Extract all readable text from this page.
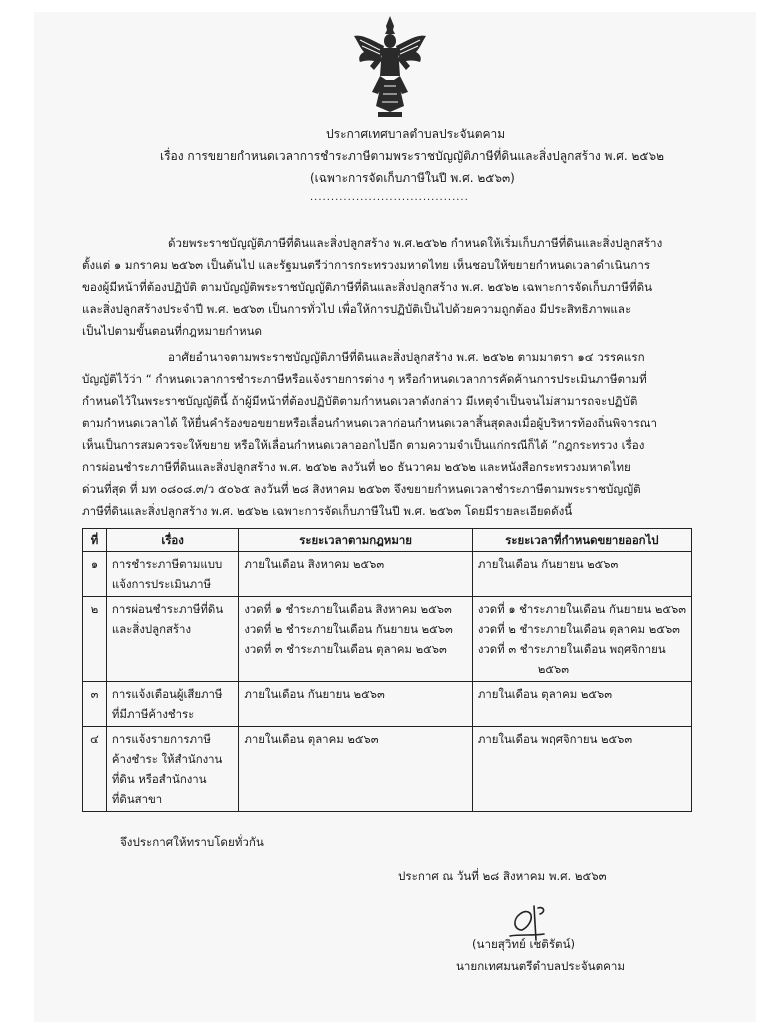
ประกาศเทศบาลตำบลประจันตคาม
เรื่อง การขยายกำหนดเวลาการชำระภาษีตามพระราชบัญญัติภาษีที่ดินและสิ่งปลูกสร้าง พ.ศ. ๒๕๖๒
(เฉพาะการจัดเก็บภาษีในปี พ.ศ. ๒๕๖๓)
......................................
ด้วยพระราชบัญญัติภาษีที่ดินและสิ่งปลูกสร้าง พ.ศ.๒๕๖๒ กำหนดให้เริ่มเก็บภาษีที่ดินและสิ่งปลูกสร้าง
ตั้งแต่ ๑ มกราคม ๒๕๖๓ เป็นต้นไป และรัฐมนตรีว่าการกระทรวงมหาดไทย เห็นชอบให้ขยายกำหนดเวลาดำเนินการ
ของผู้มีหน้าที่ต้องปฏิบัติ ตามบัญญัติพระราชบัญญัติภาษีที่ดินและสิ่งปลูกสร้าง พ.ศ. ๒๕๖๒ เฉพาะการจัดเก็บภาษีที่ดิน
และสิ่งปลูกสร้างประจำปี พ.ศ. ๒๕๖๓ เป็นการทั่วไป เพื่อให้การปฏิบัติเป็นไปด้วยความถูกต้อง มีประสิทธิภาพและ
เป็นไปตามขั้นตอนที่กฎหมายกำหนด
อาศัยอำนาจตามพระราชบัญญัติภาษีที่ดินและสิ่งปลูกสร้าง พ.ศ. ๒๕๖๒ ตามมาตรา ๑๔ วรรคแรก
บัญญัติไว้ว่า “ กำหนดเวลาการชำระภาษีหรือแจ้งรายการต่าง ๆ หรือกำหนดเวลาการคัดค้านการประเมินภาษีตามที่
กำหนดไว้ในพระราชบัญญัตินี้ ถ้าผู้มีหน้าที่ต้องปฏิบัติตามกำหนดเวลาดังกล่าว มีเหตุจำเป็นจนไม่สามารถจะปฏิบัติ
ตามกำหนดเวลาได้ ให้ยื่นคำร้องขอขยายหรือเลื่อนกำหนดเวลาก่อนกำหนดเวลาสิ้นสุดลงเมื่อผู้บริหารท้องถิ่นพิจารณา
เห็นเป็นการสมควรจะให้ขยาย หรือให้เลื่อนกำหนดเวลาออกไปอีก ตามความจำเป็นแก่กรณีก็ได้ ”กฎกระทรวง เรื่อง
การผ่อนชำระภาษีที่ดินและสิ่งปลูกสร้าง พ.ศ. ๒๕๖๒ ลงวันที่ ๒๐ ธันวาคม ๒๕๖๒ และหนังสือกระทรวงมหาดไทย
ด่วนที่สุด ที่ มท ๐๘๐๘.๓/ว ๕๐๖๕ ลงวันที่ ๒๘ สิงหาคม ๒๕๖๓ จึงขยายกำหนดเวลาชำระภาษีตามพระราชบัญญัติ
ภาษีที่ดินและสิ่งปลูกสร้าง พ.ศ. ๒๕๖๒ เฉพาะการจัดเก็บภาษีในปี พ.ศ. ๒๕๖๓ โดยมีรายละเอียดดังนี้
ที่	เรื่อง	ระยะเวลาตามกฎหมาย	ระยะเวลาที่กำหนดขยายออกไป
๑	การชำระภาษีตามแบบ
แจ้งการประเมินภาษี	ภายในเดือน สิงหาคม ๒๕๖๓	ภายในเดือน กันยายน ๒๕๖๓

๒	การผ่อนชำระภาษีที่ดิน
และสิ่งปลูกสร้าง	งวดที่ ๑ ชำระภายในเดือน สิงหาคม ๒๕๖๓
งวดที่ ๒ ชำระภายในเดือน กันยายน ๒๕๖๓
งวดที่ ๓ ชำระภายในเดือน ตุลาคม ๒๕๖๓	งวดที่ ๑ ชำระภายในเดือน กันยายน ๒๕๖๓
งวดที่ ๒ ชำระภายในเดือน ตุลาคม ๒๕๖๓
งวดที่ ๓ ชำระภายในเดือน พฤศจิกายน
๒๕๖๓

๓	การแจ้งเตือนผู้เสียภาษี
ที่มีภาษีค้างชำระ	ภายในเดือน กันยายน ๒๕๖๓	ภายในเดือน ตุลาคม ๒๕๖๓

๔	การแจ้งรายการภาษี
ค้างชำระ ให้สำนักงาน
ที่ดิน หรือสำนักงาน
ที่ดินสาขา	ภายในเดือน ตุลาคม ๒๕๖๓	ภายในเดือน พฤศจิกายน ๒๕๖๓
จึงประกาศให้ทราบโดยทั่วกัน
ประกาศ ณ วันที่ ๒๘ สิงหาคม พ.ศ. ๒๕๖๓
(นายสุวิทย์ เชติรัตน์)
นายกเทศมนตรีตำบลประจันตคาม
